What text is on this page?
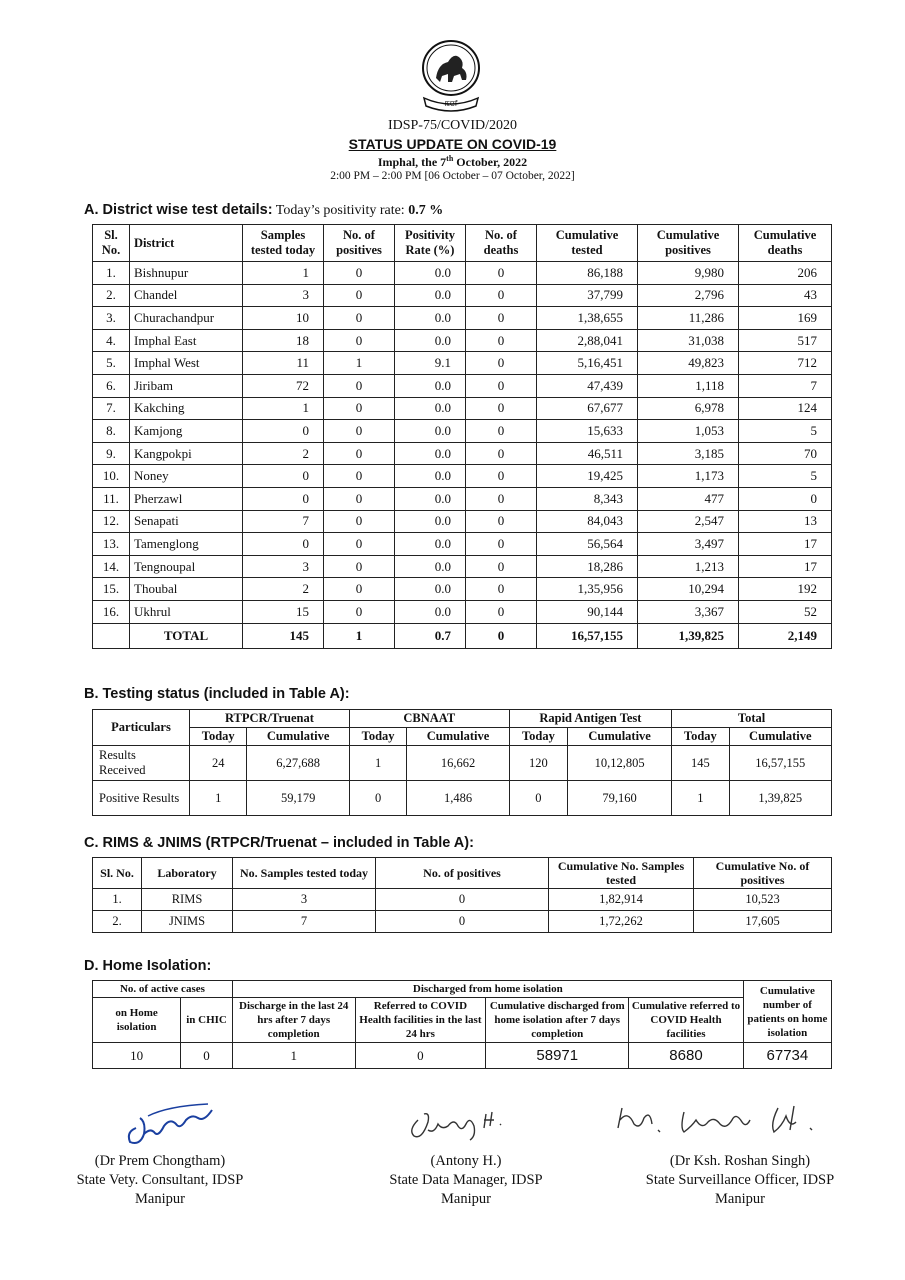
ꯃꯅꯤ
IDSP-75/COVID/2020
STATUS UPDATE ON COVID-19
Imphal, the 7th October, 2022
2:00 PM – 2:00 PM [06 October – 07 October, 2022]
A. District wise test details: Today’s positivity rate: 0.7 %
Sl. No.	District	Samples tested today	No. of positives	Positivity Rate (%)	No. of deaths	Cumulative tested	Cumulative positives	Cumulative deaths
1.	Bishnupur	1	0	0.0	0	86,188	9,980	206
2.	Chandel	3	0	0.0	0	37,799	2,796	43
3.	Churachandpur	10	0	0.0	0	1,38,655	11,286	169
4.	Imphal East	18	0	0.0	0	2,88,041	31,038	517
5.	Imphal West	11	1	9.1	0	5,16,451	49,823	712
6.	Jiribam	72	0	0.0	0	47,439	1,118	7
7.	Kakching	1	0	0.0	0	67,677	6,978	124
8.	Kamjong	0	0	0.0	0	15,633	1,053	5
9.	Kangpokpi	2	0	0.0	0	46,511	3,185	70
10.	Noney	0	0	0.0	0	19,425	1,173	5
11.	Pherzawl	0	0	0.0	0	8,343	477	0
12.	Senapati	7	0	0.0	0	84,043	2,547	13
13.	Tamenglong	0	0	0.0	0	56,564	3,497	17
14.	Tengnoupal	3	0	0.0	0	18,286	1,213	17
15.	Thoubal	2	0	0.0	0	1,35,956	10,294	192
16.	Ukhrul	15	0	0.0	0	90,144	3,367	52
	TOTAL	145	1	0.7	0	16,57,155	1,39,825	2,149
B. Testing status (included in Table A):
Particulars	RTPCR/Truenat		CBNAAT		Rapid Antigen Test		Total	
	Today	Cumulative	Today	Cumulative	Today	Cumulative	Today	Cumulative
Results Received	24	6,27,688	1	16,662	120	10,12,805	145	16,57,155
Positive Results	1	59,179	0	1,486	0	79,160	1	1,39,825
C. RIMS & JNIMS (RTPCR/Truenat – included in Table A):
Sl. No.	Laboratory	No. Samples tested today	No. of positives	Cumulative No. Samples tested	Cumulative No. of positives
1.	RIMS	3	0	1,82,914	10,523
2.	JNIMS	7	0	1,72,262	17,605
D. Home Isolation:
No. of active cases		Discharged from home isolation				Cumulative number of patients on home isolation
on Home isolation	in CHIC	Discharge in the last 24 hrs after 7 days completion	Referred to COVID Health facilities in the last 24 hrs	Cumulative discharged from home isolation after 7 days completion	Cumulative referred to COVID Health facilities	
10	0	1	0	58971	8680	67734
(Dr Prem Chongtham)
State Vety. Consultant, IDSP
Manipur
(Antony H.)
State Data Manager, IDSP
Manipur
(Dr Ksh. Roshan Singh)
State Surveillance Officer, IDSP
Manipur
